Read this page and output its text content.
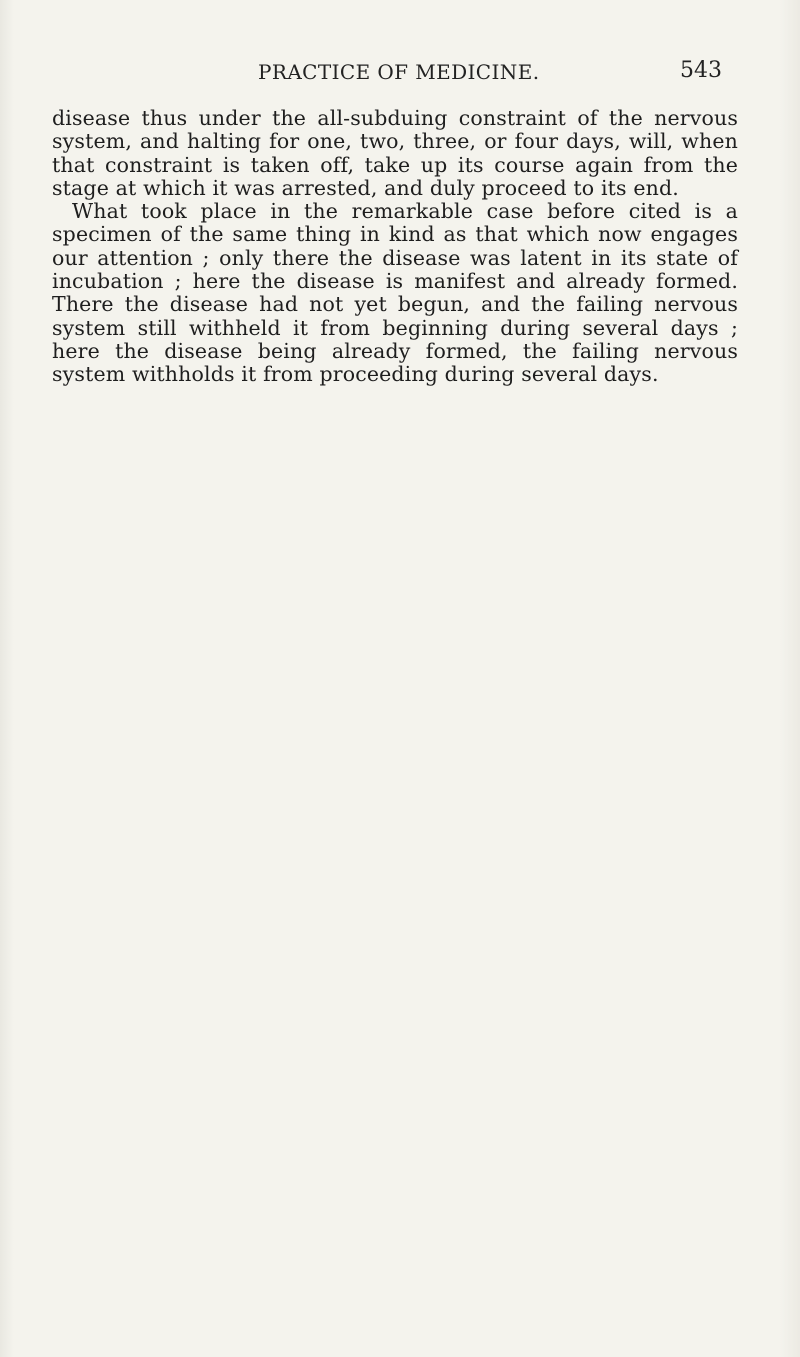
PRACTICE OF MEDICINE.	543
disease thus under the all-subduing constraint of the nervous
system, and halting for one, two, three, or four days, will, when
that constraint is taken off, take up its course again from the
stage at which it was arrested, and duly proceed to its end.
What took place in the remarkable case before cited is a
specimen of the same thing in kind as that which now engages
our attention ; only there the disease was latent in its state of
incubation ; here the disease is manifest and already formed.
There the disease had not yet begun, and the failing nervous
system still withheld it from beginning during several days ;
here the disease being already formed, the failing nervous
system withholds it from proceeding during several days.
